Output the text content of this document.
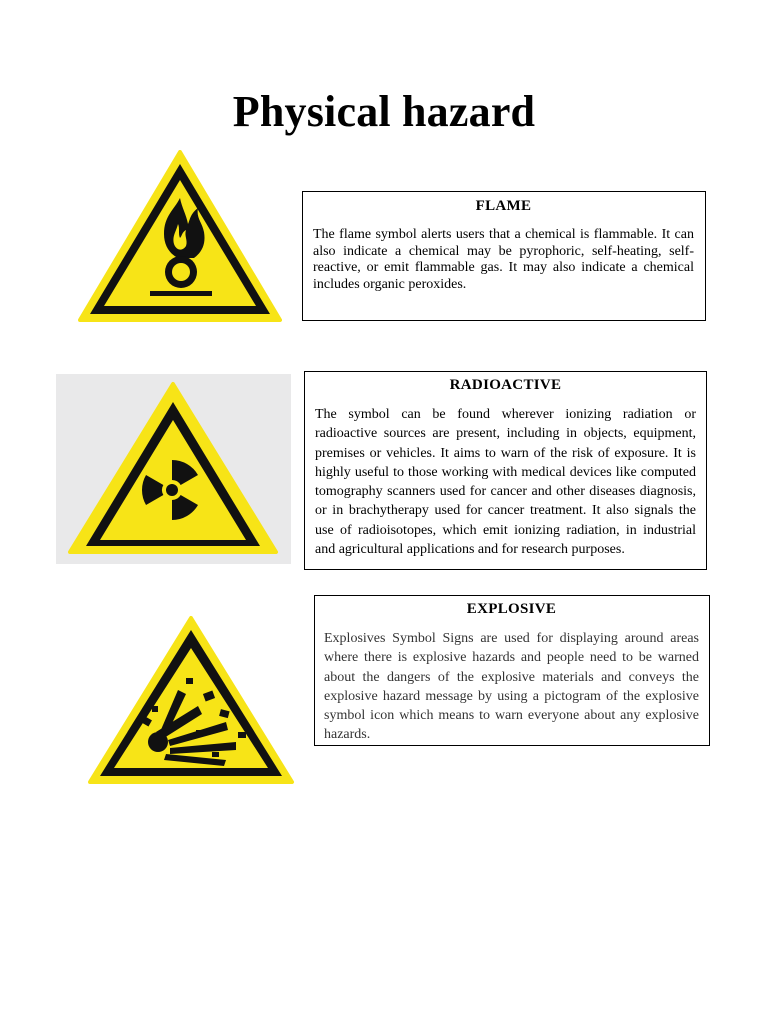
Physical hazard
FLAME

The flame symbol alerts users that a chemical is flammable. It can also indicate a chemical may be pyrophoric, self-heating, self-reactive, or emit flammable gas. It may also indicate a chemical includes organic peroxides.

RADIOACTIVE

The symbol can be found wherever ionizing radiation or radioactive sources are present, including in objects, equipment, premises or vehicles. It aims to warn of the risk of exposure. It is highly useful to those working with medical devices like computed tomography scanners used for cancer and other diseases diagnosis, or in brachytherapy used for cancer treatment. It also signals the use of radioisotopes, which emit ionizing radiation, in industrial and agricultural applications and for research purposes.

EXPLOSIVE

Explosives Symbol Signs are used for displaying around areas where there is explosive hazards and people need to be warned about the dangers of the explosive materials and conveys the explosive hazard message by using a pictogram of the explosive symbol icon which means to warn everyone about any explosive hazards.
